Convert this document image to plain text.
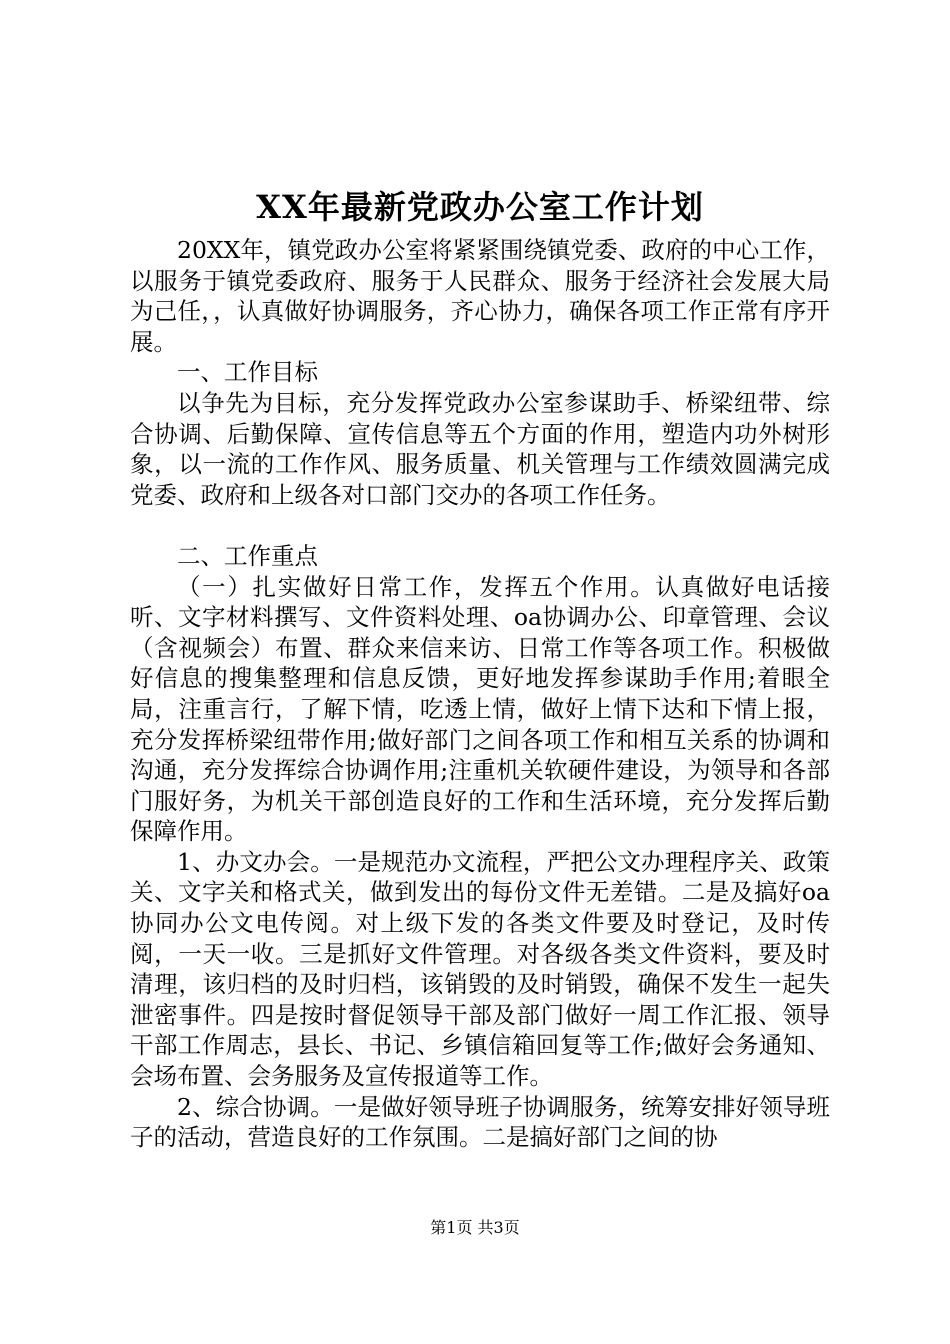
XX年最新党政办公室工作计划

20XX年，镇党政办公室将紧紧围绕镇党委、政府的中心工作，以服务于镇党委政府、服务于人民群众、服务于经济社会发展大局为己任，，认真做好协调服务，齐心协力，确保各项工作正常有序开展。

一、工作目标

以争先为目标，充分发挥党政办公室参谋助手、桥梁纽带、综合协调、后勤保障、宣传信息等五个方面的作用，塑造内功外树形象，以一流的工作作风、服务质量、机关管理与工作绩效圆满完成党委、政府和上级各对口部门交办的各项工作任务。

二、工作重点

（一）扎实做好日常工作，发挥五个作用。认真做好电话接听、文字材料撰写、文件资料处理、oa协调办公、印章管理、会议（含视频会）布置、群众来信来访、日常工作等各项工作。积极做好信息的搜集整理和信息反馈，更好地发挥参谋助手作用;着眼全局，注重言行，了解下情，吃透上情，做好上情下达和下情上报，充分发挥桥梁纽带作用;做好部门之间各项工作和相互关系的协调和沟通，充分发挥综合协调作用;注重机关软硬件建设，为领导和各部门服好务，为机关干部创造良好的工作和生活环境，充分发挥后勤保障作用。

1、办文办会。一是规范办文流程，严把公文办理程序关、政策关、文字关和格式关，做到发出的每份文件无差错。二是及搞好oa协同办公文电传阅。对上级下发的各类文件要及时登记，及时传阅，一天一收。三是抓好文件管理。对各级各类文件资料，要及时清理，该归档的及时归档，该销毁的及时销毁，确保不发生一起失泄密事件。四是按时督促领导干部及部门做好一周工作汇报、领导干部工作周志，县长、书记、乡镇信箱回复等工作;做好会务通知、会场布置、会务服务及宣传报道等工作。

2、综合协调。一是做好领导班子协调服务，统筹安排好领导班子的活动，营造良好的工作氛围。二是搞好部门之间的协

第1页 共3页
